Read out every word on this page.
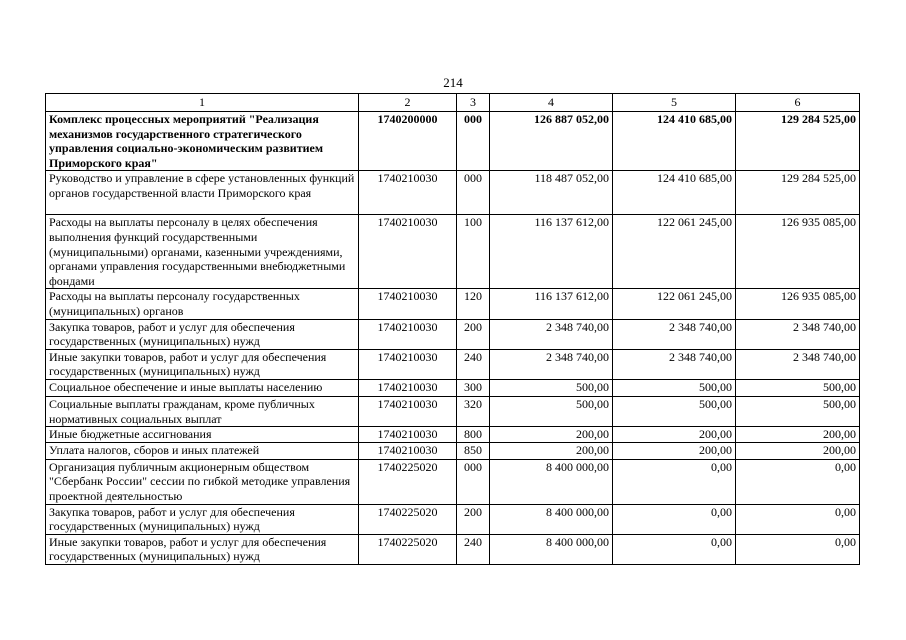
214
1	2	3	4	5	6
Комплекс процессных мероприятий "Реализация механизмов государственного стратегического управления социально-экономическим развитием Приморского края"	1740200000	000	126 887 052,00	124 410 685,00	129 284 525,00
Руководство и управление в сфере установленных функций органов государственной власти Приморского края	1740210030	000	118 487 052,00	124 410 685,00	129 284 525,00
Расходы на выплаты персоналу в целях обеспечения выполнения функций государственными (муниципальными) органами, казенными учреждениями, органами управления государственными внебюджетными фондами	1740210030	100	116 137 612,00	122 061 245,00	126 935 085,00
Расходы на выплаты персоналу государственных (муниципальных) органов	1740210030	120	116 137 612,00	122 061 245,00	126 935 085,00
Закупка товаров, работ и услуг для обеспечения государственных (муниципальных) нужд	1740210030	200	2 348 740,00	2 348 740,00	2 348 740,00
Иные закупки товаров, работ и услуг для обеспечения государственных (муниципальных) нужд	1740210030	240	2 348 740,00	2 348 740,00	2 348 740,00
Социальное обеспечение и иные выплаты населению	1740210030	300	500,00	500,00	500,00
Социальные выплаты гражданам, кроме публичных нормативных социальных выплат	1740210030	320	500,00	500,00	500,00
Иные бюджетные ассигнования	1740210030	800	200,00	200,00	200,00
Уплата налогов, сборов и иных платежей	1740210030	850	200,00	200,00	200,00
Организация публичным акционерным обществом "Сбербанк России" сессии по гибкой методике управления проектной деятельностью	1740225020	000	8 400 000,00	0,00	0,00
Закупка товаров, работ и услуг для обеспечения государственных (муниципальных) нужд	1740225020	200	8 400 000,00	0,00	0,00
Иные закупки товаров, работ и услуг для обеспечения государственных (муниципальных) нужд	1740225020	240	8 400 000,00	0,00	0,00
